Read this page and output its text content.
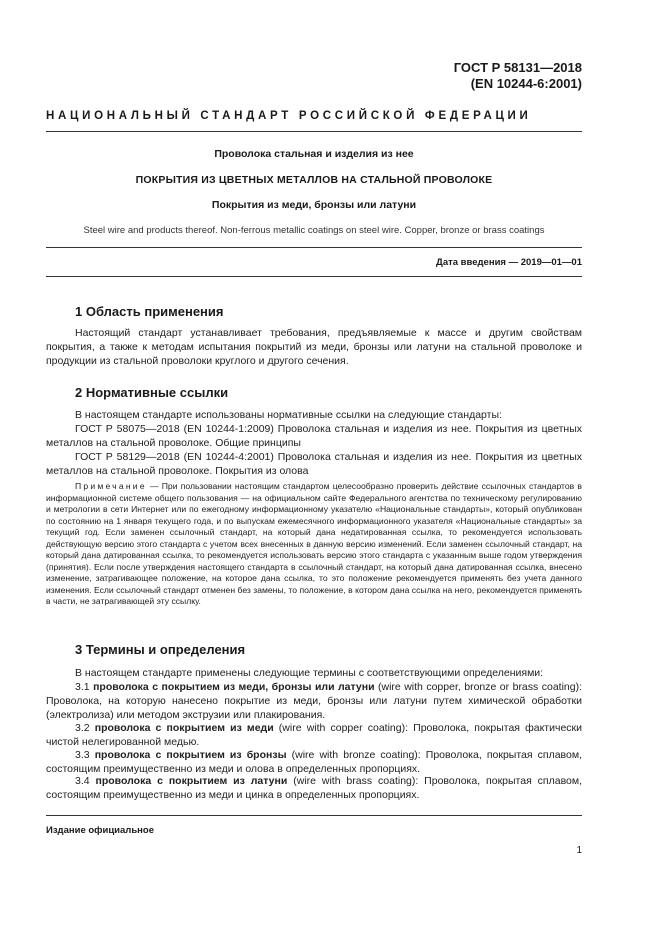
ГОСТ Р 58131—2018
(EN 10244-6:2001)
НАЦИОНАЛЬНЫЙ СТАНДАРТ РОССИЙСКОЙ ФЕДЕРАЦИИ
Проволока стальная и изделия из нее
ПОКРЫТИЯ ИЗ ЦВЕТНЫХ МЕТАЛЛОВ НА СТАЛЬНОЙ ПРОВОЛОКЕ
Покрытия из меди, бронзы или латуни
Steel wire and products thereof. Non-ferrous metallic coatings on steel wire. Copper, bronze or brass coatings
Дата введения — 2019—01—01
1 Область применения
Настоящий стандарт устанавливает требования, предъявляемые к массе и другим свойствам покрытия, а также к методам испытания покрытий из меди, бронзы или латуни на стальной проволоке и продукции из стальной проволоки круглого и другого сечения.
2 Нормативные ссылки
В настоящем стандарте использованы нормативные ссылки на следующие стандарты:
ГОСТ Р 58075—2018 (EN 10244-1:2009) Проволока стальная и изделия из нее. Покрытия из цветных металлов на стальной проволоке. Общие принципы
ГОСТ Р 58129—2018 (EN 10244-4:2001) Проволока стальная и изделия из нее. Покрытия из цветных металлов на стальной проволоке. Покрытия из олова
Примечание — При пользовании настоящим стандартом целесообразно проверить действие ссылочных стандартов в информационной системе общего пользования — на официальном сайте Федерального агентства по техническому регулированию и метрологии в сети Интернет или по ежегодному информационному указателю «Национальные стандарты», который опубликован по состоянию на 1 января текущего года, и по выпускам ежемесячного информационного указателя «Национальные стандарты» за текущий год. Если заменен ссылочный стандарт, на который дана недатированная ссылка, то рекомендуется использовать действующую версию этого стандарта с учетом всех внесенных в данную версию изменений. Если заменен ссылочный стандарт, на который дана датированная ссылка, то рекомендуется использовать версию этого стандарта с указанным выше годом утверждения (принятия). Если после утверждения настоящего стандарта в ссылочный стандарт, на который дана датированная ссылка, внесено изменение, затрагивающее положение, на которое дана ссылка, то это положение рекомендуется применять без учета данного изменения. Если ссылочный стандарт отменен без замены, то положение, в котором дана ссылка на него, рекомендуется применять в части, не затрагивающей эту ссылку.
3 Термины и определения
В настоящем стандарте применены следующие термины с соответствующими определениями:
3.1 проволока с покрытием из меди, бронзы или латуни (wire with copper, bronze or brass coating): Проволока, на которую нанесено покрытие из меди, бронзы или латуни путем химической обработки (электролиза) или методом экструзии или плакирования.
3.2 проволока с покрытием из меди (wire with copper coating): Проволока, покрытая фактически чистой нелегированной медью.
3.3 проволока с покрытием из бронзы (wire with bronze coating): Проволока, покрытая сплавом, состоящим преимущественно из меди и олова в определенных пропорциях.
3.4 проволока с покрытием из латуни (wire with brass coating): Проволока, покрытая сплавом, состоящим преимущественно из меди и цинка в определенных пропорциях.
Издание официальное
1
